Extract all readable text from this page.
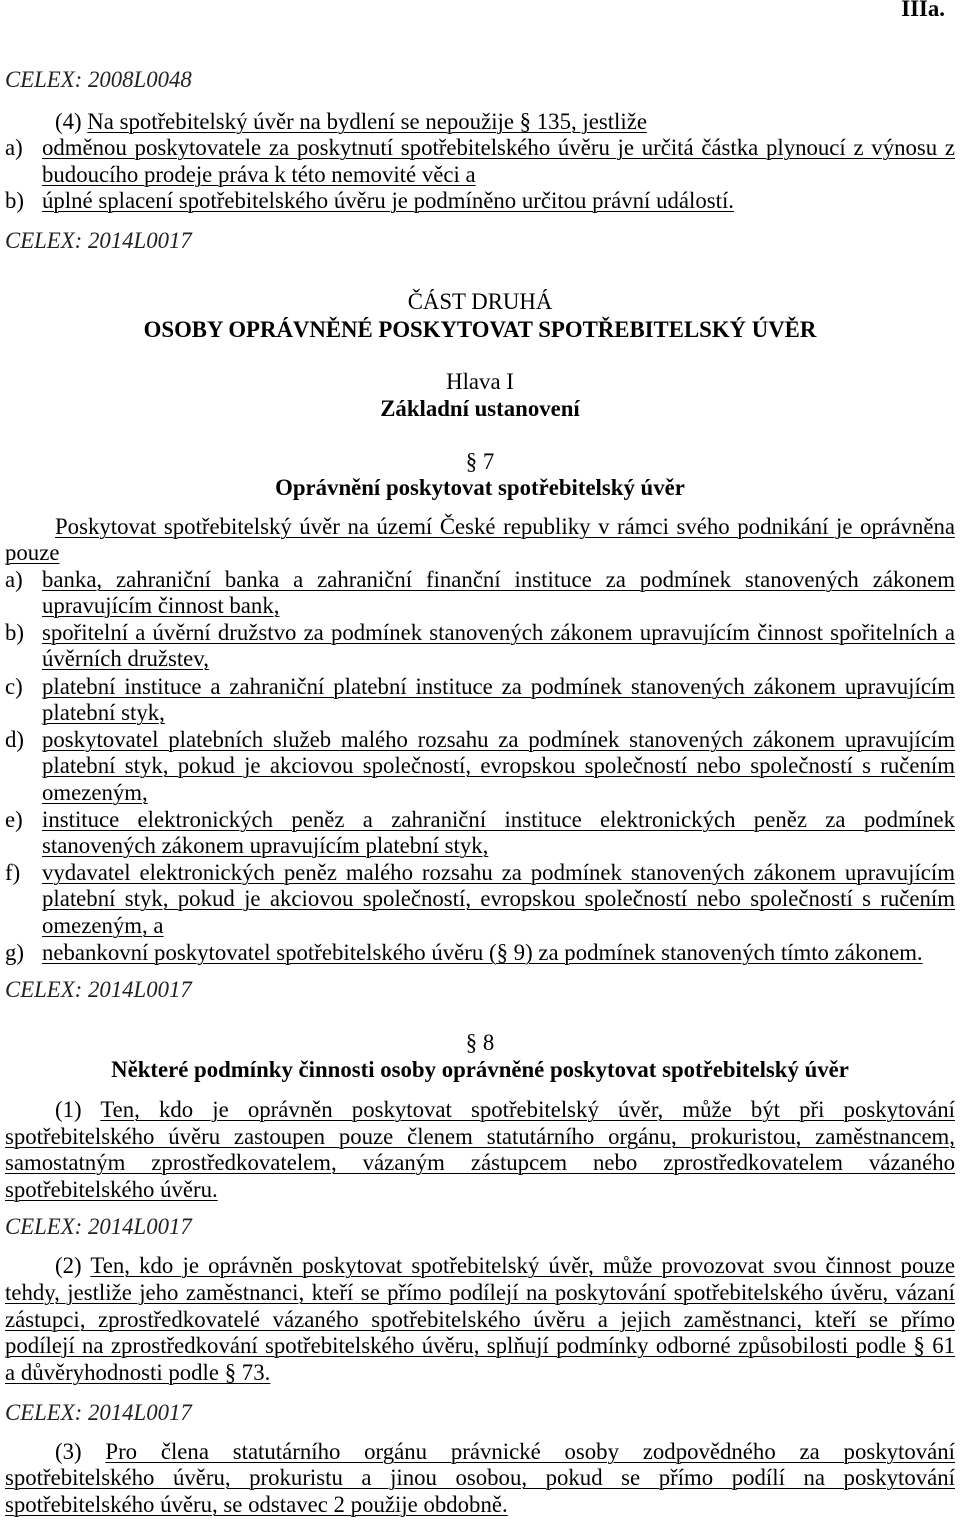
IIIa.
CELEX: 2008L0048
(4) Na spotřebitelský úvěr na bydlení se nepoužije § 135, jestliže
a) odměnou poskytovatele za poskytnutí spotřebitelského úvěru je určitá částka plynoucí z výnosu z
budoucího prodeje práva k této nemovité věci a
b) úplné splacení spotřebitelského úvěru je podmíněno určitou právní událostí.
CELEX: 2014L0017
ČÁST DRUHÁ
OSOBY OPRÁVNĚNÉ POSKYTOVAT SPOTŘEBITELSKÝ ÚVĚR
Hlava I
Základní ustanovení
§ 7
Oprávnění poskytovat spotřebitelský úvěr
Poskytovat spotřebitelský úvěr na území České republiky v rámci svého podnikání je oprávněna
pouze
a) banka, zahraniční banka a zahraniční finanční instituce za podmínek stanovených zákonem
upravujícím činnost bank,
b) spořitelní a úvěrní družstvo za podmínek stanovených zákonem upravujícím činnost spořitelních a
úvěrních družstev,
c) platební instituce a zahraniční platební instituce za podmínek stanovených zákonem upravujícím
platební styk,
d) poskytovatel platebních služeb malého rozsahu za podmínek stanovených zákonem upravujícím
platební styk, pokud je akciovou společností, evropskou společností nebo společností s ručením
omezeným,
e) instituce elektronických peněz a zahraniční instituce elektronických peněz za podmínek
stanovených zákonem upravujícím platební styk,
f) vydavatel elektronických peněz malého rozsahu za podmínek stanovených zákonem upravujícím
platební styk, pokud je akciovou společností, evropskou společností nebo společností s ručením
omezeným, a
g) nebankovní poskytovatel spotřebitelského úvěru (§ 9) za podmínek stanovených tímto zákonem.
CELEX: 2014L0017
§ 8
Některé podmínky činnosti osoby oprávněné poskytovat spotřebitelský úvěr
(1) Ten, kdo je oprávněn poskytovat spotřebitelský úvěr, může být při poskytování
spotřebitelského úvěru zastoupen pouze členem statutárního orgánu, prokuristou, zaměstnancem,
samostatným zprostředkovatelem, vázaným zástupcem nebo zprostředkovatelem vázaného
spotřebitelského úvěru.
CELEX: 2014L0017
(2) Ten, kdo je oprávněn poskytovat spotřebitelský úvěr, může provozovat svou činnost pouze
tehdy, jestliže jeho zaměstnanci, kteří se přímo podílejí na poskytování spotřebitelského úvěru, vázaní
zástupci, zprostředkovatelé vázaného spotřebitelského úvěru a jejich zaměstnanci, kteří se přímo
podílejí na zprostředkování spotřebitelského úvěru, splňují podmínky odborné způsobilosti podle § 61
a důvěryhodnosti podle § 73.
CELEX: 2014L0017
(3) Pro člena statutárního orgánu právnické osoby zodpovědného za poskytování
spotřebitelského úvěru, prokuristu a jinou osobou, pokud se přímo podílí na poskytování
spotřebitelského úvěru, se odstavec 2 použije obdobně.
